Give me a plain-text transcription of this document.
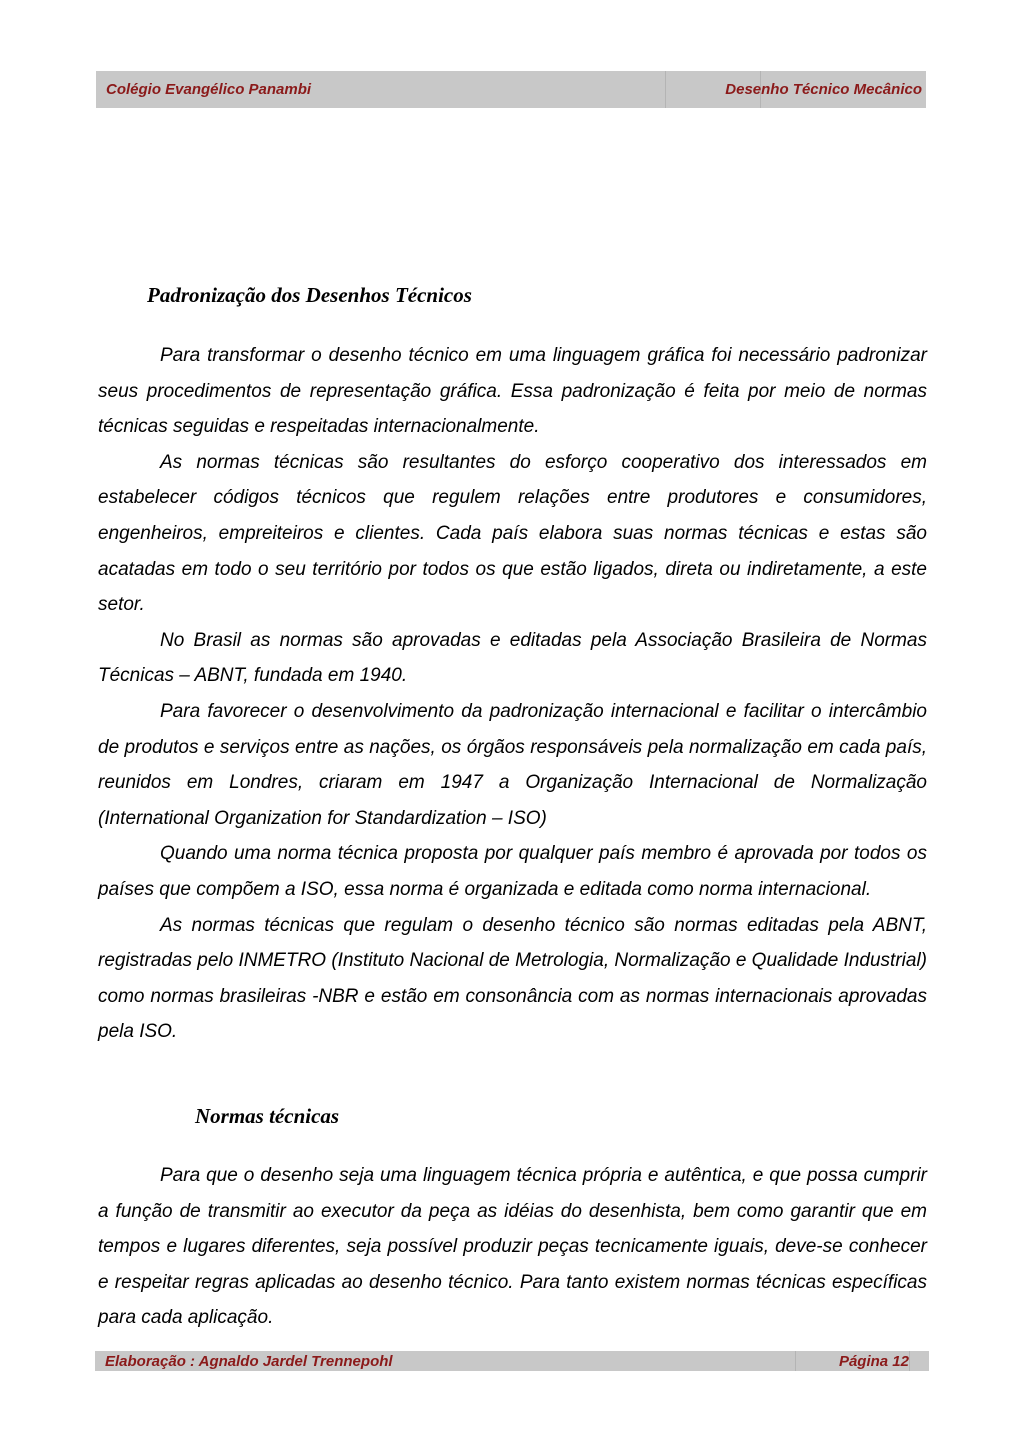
Colégio Evangélico Panambi	Desenho Técnico Mecânico
Padronização dos Desenhos Técnicos

Para transformar o desenho técnico em uma linguagem gráfica foi necessário padronizar seus procedimentos de representação gráfica. Essa padronização é feita por meio de normas técnicas seguidas e respeitadas internacionalmente.

As normas técnicas são resultantes do esforço cooperativo dos interessados em estabelecer códigos técnicos que regulem relações entre produtores e consumidores, engenheiros, empreiteiros e clientes. Cada país elabora suas normas técnicas e estas são acatadas em todo o seu território por todos os que estão ligados, direta ou indiretamente, a este setor.

No Brasil as normas são aprovadas e editadas pela Associação Brasileira de Normas Técnicas – ABNT, fundada em 1940.

Para favorecer o desenvolvimento da padronização internacional e facilitar o intercâmbio de produtos e serviços entre as nações, os órgãos responsáveis pela normalização em cada país, reunidos em Londres, criaram em 1947 a Organização Internacional de Normalização (International Organization for Standardization – ISO)

Quando uma norma técnica proposta por qualquer país membro é aprovada por todos os países que compõem a ISO, essa norma é organizada e editada como norma internacional.

As normas técnicas que regulam o desenho técnico são normas editadas pela ABNT, registradas pelo INMETRO (Instituto Nacional de Metrologia, Normalização e Qualidade Industrial) como normas brasileiras -NBR e estão em consonância com as normas internacionais aprovadas pela ISO.

Normas técnicas

Para que o desenho seja uma linguagem técnica própria e autêntica, e que possa cumprir a função de transmitir ao executor da peça as idéias do desenhista, bem como garantir que em tempos e lugares diferentes, seja possível produzir peças tecnicamente iguais, deve-se conhecer e respeitar regras aplicadas ao desenho técnico. Para tanto existem normas técnicas específicas para cada aplicação.

Elaboração : Agnaldo Jardel Trennepohl	Página 12
